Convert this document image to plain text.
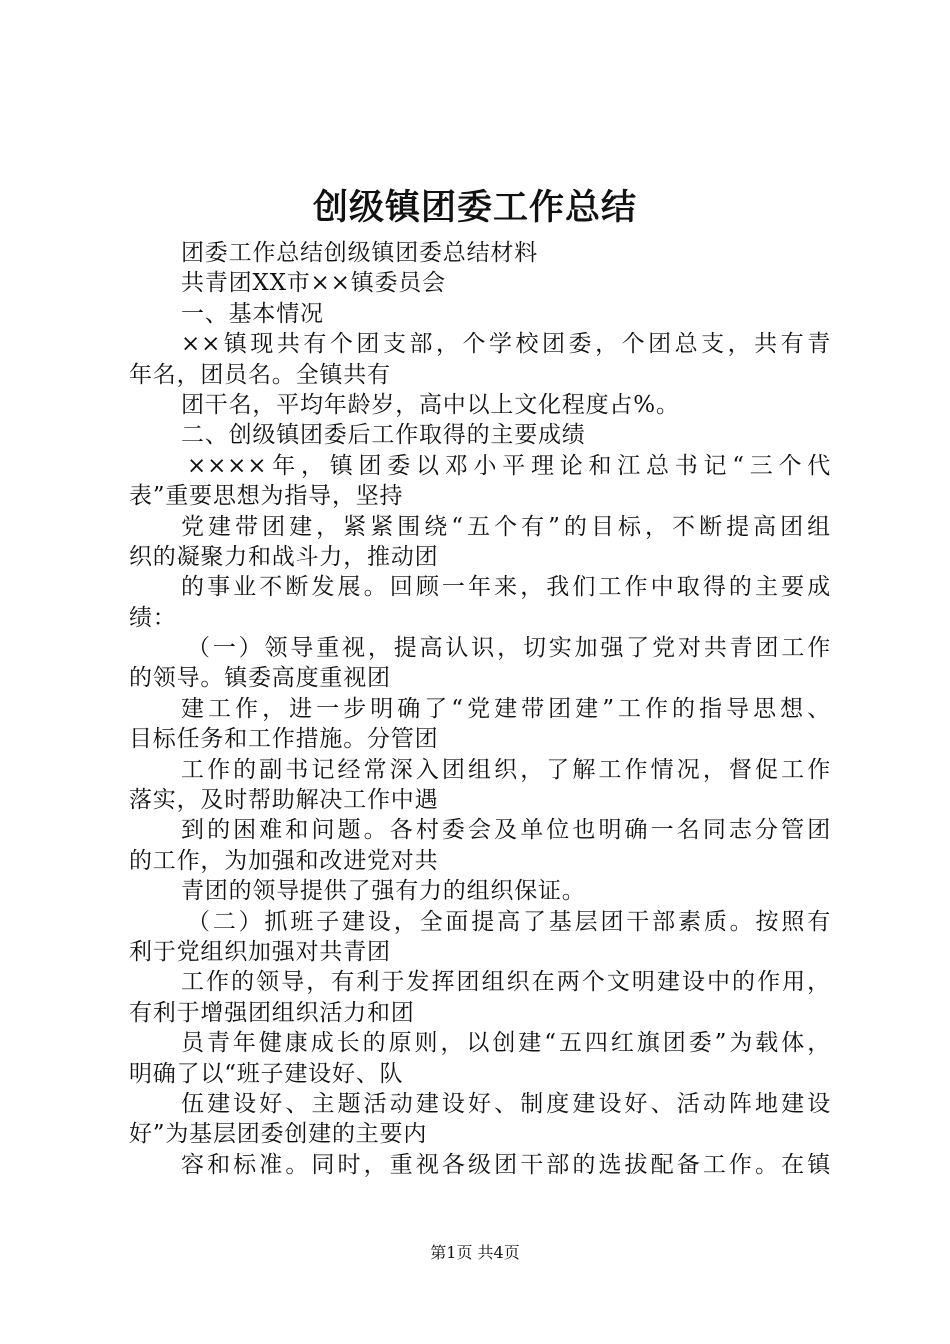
创级镇团委工作总结
团委工作总结创级镇团委总结材料
共青团XX市××镇委员会
一、基本情况
××镇现共有个团支部，个学校团委，个团总支，共有青
年名，团员名。全镇共有
团干名，平均年龄岁，高中以上文化程度占%。
二、创级镇团委后工作取得的主要成绩
××××年，镇团委以邓小平理论和江总书记“三个代
表”重要思想为指导，坚持
党建带团建，紧紧围绕“五个有”的目标，不断提高团组
织的凝聚力和战斗力，推动团
的事业不断发展。回顾一年来，我们工作中取得的主要成
绩：
（一）领导重视，提高认识，切实加强了党对共青团工作
的领导。镇委高度重视团
建工作，进一步明确了“党建带团建”工作的指导思想、
目标任务和工作措施。分管团
工作的副书记经常深入团组织，了解工作情况，督促工作
落实，及时帮助解决工作中遇
到的困难和问题。各村委会及单位也明确一名同志分管团
的工作，为加强和改进党对共
青团的领导提供了强有力的组织保证。
（二）抓班子建设，全面提高了基层团干部素质。按照有
利于党组织加强对共青团
工作的领导，有利于发挥团组织在两个文明建设中的作用，
有利于增强团组织活力和团
员青年健康成长的原则，以创建“五四红旗团委”为载体，
明确了以“班子建设好、队
伍建设好、主题活动建设好、制度建设好、活动阵地建设
好”为基层团委创建的主要内
容和标准。同时，重视各级团干部的选拔配备工作。在镇
第1页 共4页
